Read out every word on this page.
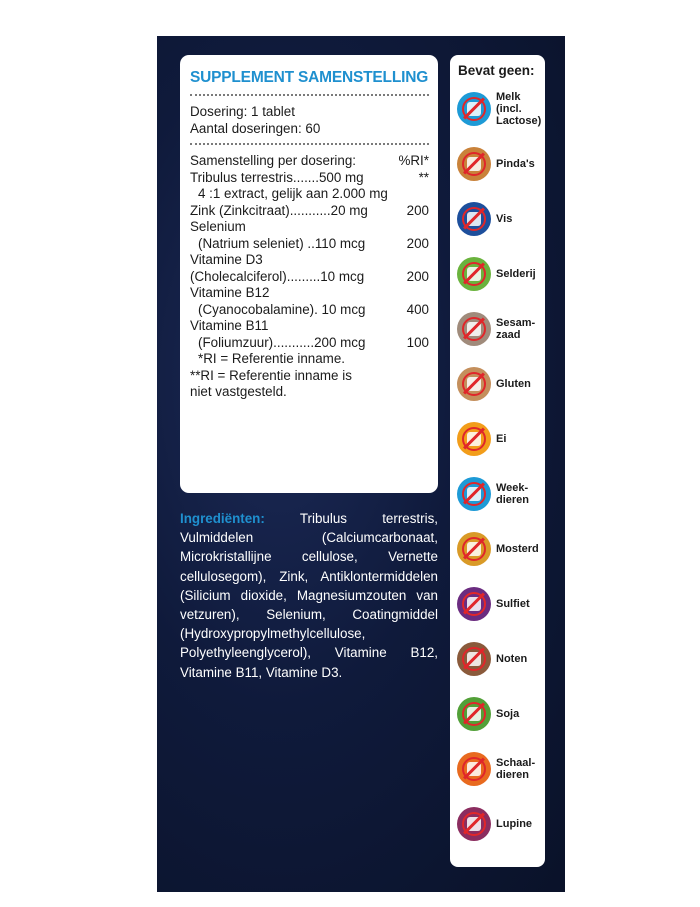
SUPPLEMENT SAMENSTELLING
Dosering: 1 tablet
Aantal doseringen: 60
Samenstelling per dosering:	%RI*
Tribulus terrestris.......500 mg	**
4 :1 extract, gelijk aan 2.000 mg
Zink (Zinkcitraat)...........20 mg	200
Selenium
(Natrium seleniet) ..110 mcg	200
Vitamine D3
(Cholecalciferol).........10 mcg	200
Vitamine B12
(Cyanocobalamine). 10 mcg	400
Vitamine B11
(Foliumzuur)...........200 mcg	100
*RI = Referentie inname.
**RI = Referentie inname is
niet vastgesteld.
Ingrediënten:	Tribulus terrestris, Vulmiddelen (Calciumcarbonaat, Microkristallijne cellulose, Vernette cellulosegom), Zink, Antiklontermiddelen (Silicium dioxide, Magnesiumzouten van vetzuren), Selenium, Coatingmiddel (Hydroxypropylmethylcellulose, Polyethyleenglycerol), Vitamine B12, Vitamine B11, Vitamine D3.
Bevat geen:
Melk
(incl.
Lactose)
Pinda's
Vis
Selderij
Sesam-
zaad
Gluten
Ei
Week-
dieren
Mosterd
Sulfiet
Noten
Soja
Schaal-
dieren
Lupine
